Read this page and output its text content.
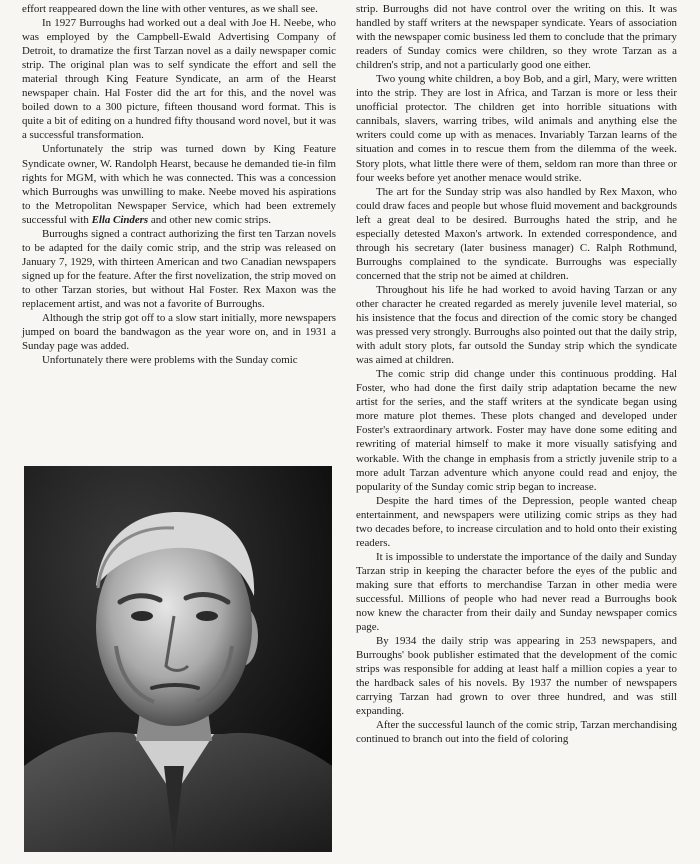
effort reappeared down the line with other ventures, as we shall see.

In 1927 Burroughs had worked out a deal with Joe H. Neebe, who was employed by the Campbell-Ewald Advertising Company of Detroit, to dramatize the first Tarzan novel as a daily newspaper comic strip. The original plan was to self syndicate the effort and sell the material through King Feature Syndicate, an arm of the Hearst newspaper chain. Hal Foster did the art for this, and the novel was boiled down to a 300 picture, fifteen thousand word format. This is quite a bit of editing on a hundred fifty thousand word novel, but it was a successful transformation.

Unfortunately the strip was turned down by King Feature Syndicate owner, W. Randolph Hearst, because he demanded tie-in film rights for MGM, with which he was connected. This was a concession which Burroughs was unwilling to make. Neebe moved his aspirations to the Metropolitan Newspaper Service, which had been extremely successful with Ella Cinders and other new comic strips.

Burroughs signed a contract authorizing the first ten Tarzan novels to be adapted for the daily comic strip, and the strip was released on January 7, 1929, with thirteen American and two Canadian newspapers signed up for the feature. After the first novelization, the strip moved on to other Tarzan stories, but without Hal Foster. Rex Maxon was the replacement artist, and was not a favorite of Burroughs.

Although the strip got off to a slow start initially, more newspapers jumped on board the bandwagon as the year wore on, and in 1931 a Sunday page was added.

Unfortunately there were problems with the Sunday comic

strip. Burroughs did not have control over the writing on this. It was handled by staff writers at the newspaper syndicate. Years of association with the newspaper comic business led them to conclude that the primary readers of Sunday comics were children, so they wrote Tarzan as a children's strip, and not a particularly good one either.

Two young white children, a boy Bob, and a girl, Mary, were written into the strip. They are lost in Africa, and Tarzan is more or less their unofficial protector. The children get into horrible situations with cannibals, slavers, warring tribes, wild animals and anything else the writers could come up with as menaces. Invariably Tarzan learns of the situation and comes in to rescue them from the dilemma of the week. Story plots, what little there were of them, seldom ran more than three or four weeks before yet another menace would strike.

The art for the Sunday strip was also handled by Rex Maxon, who could draw faces and people but whose fluid movement and backgrounds left a great deal to be desired. Burroughs hated the strip, and he especially detested Maxon's artwork. In extended correspondence, and through his secretary (later business manager) C. Ralph Rothmund, Burroughs complained to the syndicate. Burroughs was especially concerned that the strip not be aimed at children.

Throughout his life he had worked to avoid having Tarzan or any other character he created regarded as merely juvenile level material, so his insistence that the focus and direction of the comic story be changed was pressed very strongly. Burroughs also pointed out that the daily strip, with adult story plots, far outsold the Sunday strip which the syndicate was aimed at children.

The comic strip did change under this continuous prodding. Hal Foster, who had done the first daily strip adaptation became the new artist for the series, and the staff writers at the syndicate began using more mature plot themes. These plots changed and developed under Foster's extraordinary artwork. Foster may have done some editing and rewriting of material himself to make it more visually satisfying and workable. With the change in emphasis from a strictly juvenile strip to a more adult Tarzan adventure which anyone could read and enjoy, the popularity of the Sunday comic strip began to increase.

Despite the hard times of the Depression, people wanted cheap entertainment, and newspapers were utilizing comic strips as they had two decades before, to increase circulation and to hold onto their existing readers.

It is impossible to understate the importance of the daily and Sunday Tarzan strip in keeping the character before the eyes of the public and making sure that efforts to merchandise Tarzan in other media were successful. Millions of people who had never read a Burroughs book now knew the character from their daily and Sunday newspaper comics page.

By 1934 the daily strip was appearing in 253 newspapers, and Burroughs' book publisher estimated that the development of the comic strips was responsible for adding at least half a million copies a year to the hardback sales of his novels. By 1937 the number of newspapers carrying Tarzan had grown to over three hundred, and was still expanding.

After the successful launch of the comic strip, Tarzan merchandising continued to branch out into the field of coloring
